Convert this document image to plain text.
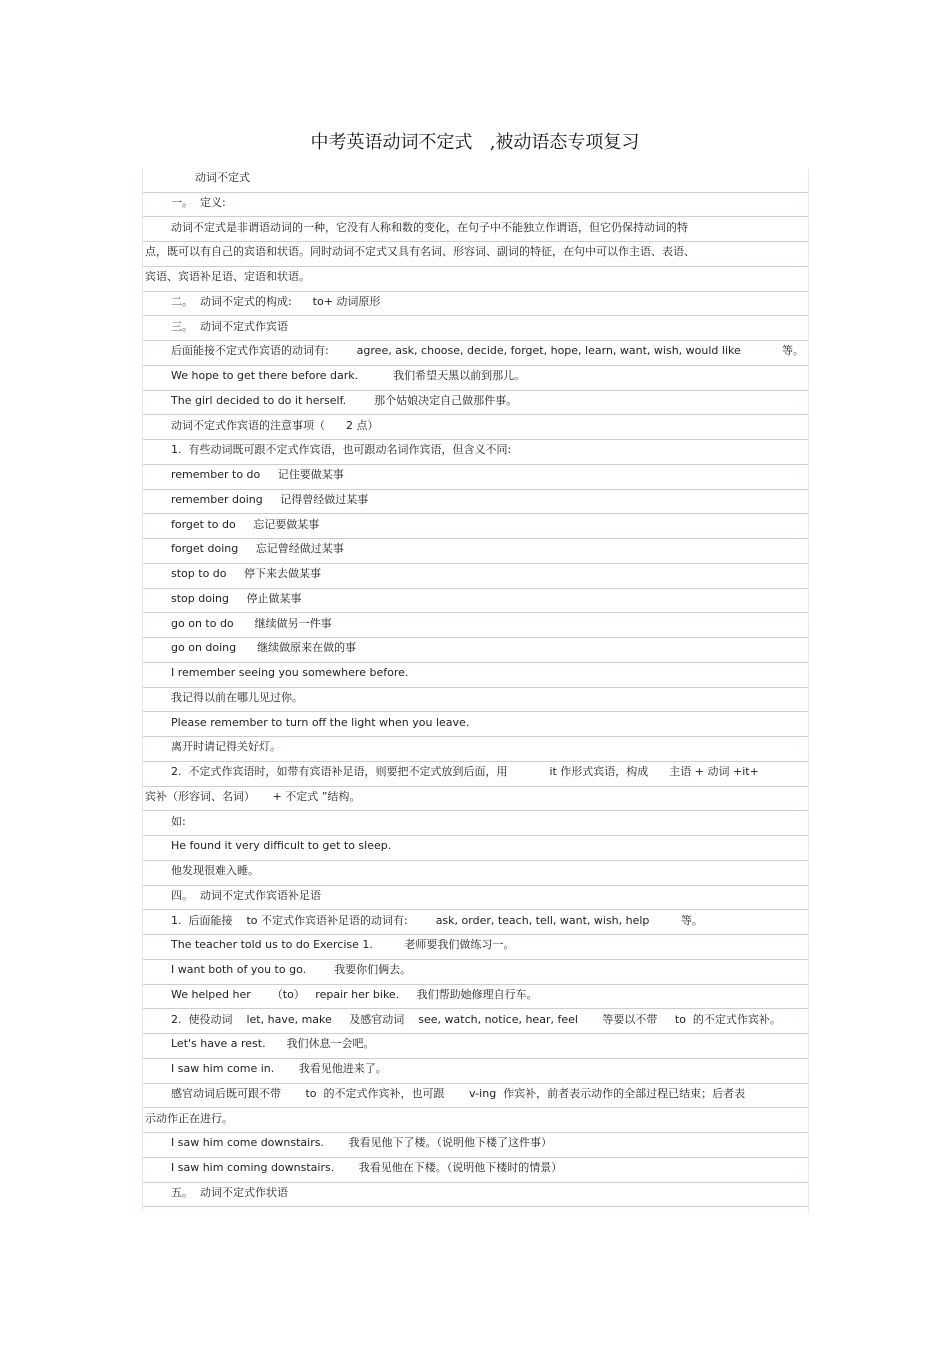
中考英语动词不定式   ,被动语态专项复习
动词不定式
一。  定义:
动词不定式是非谓语动词的一种，它没有人称和数的变化，在句子中不能独立作谓语，但它仍保持动词的特
点，既可以有自己的宾语和状语。同时动词不定式又具有名词、形容词、副词的特征，在句中可以作主语、表语、
宾语、宾语补足语、定语和状语。
二。  动词不定式的构成:      to+ 动词原形
三。  动词不定式作宾语
后面能接不定式作宾语的动词有:        agree, ask, choose, decide, forget, hope, learn, want, wish, would like	等。
We hope to get there before dark.          我们希望天黑以前到那儿。
The girl decided to do it herself.        那个姑娘决定自己做那件事。
动词不定式作宾语的注意事项（      2 点）
1.  有些动词既可跟不定式作宾语，也可跟动名词作宾语，但含义不同:
remember to do     记住要做某事
remember doing     记得曾经做过某事
forget to do     忘记要做某事
forget doing     忘记曾经做过某事
stop to do     停下来去做某事
stop doing     停止做某事
go on to do      继续做另一件事
go on doing      继续做原来在做的事
I remember seeing you somewhere before.
我记得以前在哪儿见过你。
Please remember to turn off the light when you leave.
离开时请记得关好灯。
2.  不定式作宾语时，如带有宾语补足语，则要把不定式放到后面，用            it 作形式宾语，构成      主语 + 动词 +it+
宾补（形容词、名词）     + 不定式 ”结构。
如:
He found it very difficult to get to sleep.
他发现很难入睡。
四。  动词不定式作宾语补足语
1.  后面能接    to 不定式作宾语补足语的动词有:        ask, order, teach, tell, want, wish, help         等。
The teacher told us to do Exercise 1.         老师要我们做练习一。
I want both of you to go.        我要你们俩去。
We helped her      （to）   repair her bike.     我们帮助她修理自行车。
2.  使役动词    let, have, make     及感官动词    see, watch, notice, hear, feel       等要以不带     to  的不定式作宾补。
Let's have a rest.      我们休息一会吧。
I saw him come in.       我看见他进来了。
感官动词后既可跟不带       to  的不定式作宾补，也可跟       v-ing  作宾补，前者表示动作的全部过程已结束；后者表
示动作正在进行。
I saw him come downstairs.       我看见他下了楼。（说明他下楼了这件事）
I saw him coming downstairs.       我看见他在下楼。（说明他下楼时的情景）
五。  动词不定式作状语
